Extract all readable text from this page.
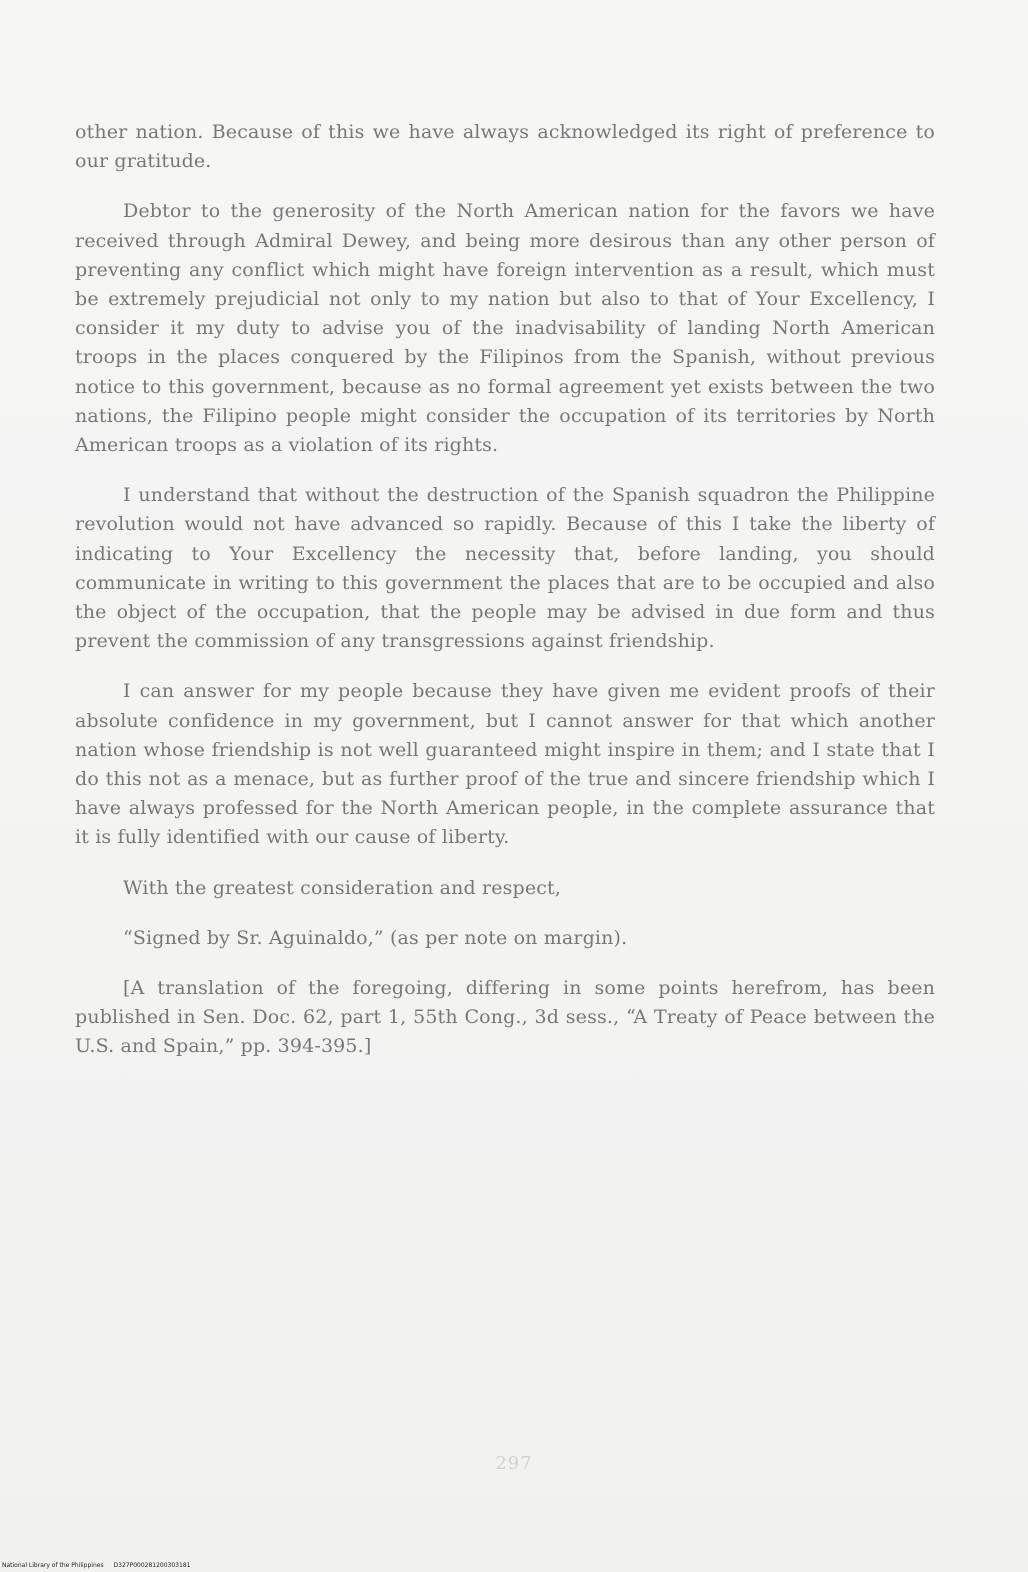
other nation. Because of this we have always acknowledged its right of preference to our gratitude.

Debtor to the generosity of the North American nation for the favors we have received through Admiral Dewey, and being more desirous than any other person of preventing any conflict which might have foreign intervention as a result, which must be extremely prejudicial not only to my nation but also to that of Your Excellency, I consider it my duty to advise you of the inadvisability of landing North American troops in the places conquered by the Filipinos from the Spanish, without previous notice to this government, because as no formal agreement yet exists between the two nations, the Filipino people might consider the occupation of its territories by North American troops as a violation of its rights.

I understand that without the destruction of the Spanish squadron the Philippine revolution would not have advanced so rapidly. Because of this I take the liberty of indicating to Your Excellency the necessity that, before landing, you should communicate in writing to this government the places that are to be occupied and also the object of the occupation, that the people may be advised in due form and thus prevent the commission of any transgressions against friendship.

I can answer for my people because they have given me evident proofs of their absolute confidence in my government, but I cannot answer for that which another nation whose friendship is not well guaranteed might inspire in them; and I state that I do this not as a menace, but as further proof of the true and sincere friendship which I have always professed for the North American people, in the complete assurance that it is fully identified with our cause of liberty.

With the greatest consideration and respect,

“Signed by Sr. Aguinaldo,” (as per note on margin).

[A translation of the foregoing, differing in some points herefrom, has been published in Sen. Doc. 62, part 1, 55th Cong., 3d sess., “A Treaty of Peace between the U.S. and Spain,” pp. 394-395.]

297
National Library of the Philippines D327P000281200303181
